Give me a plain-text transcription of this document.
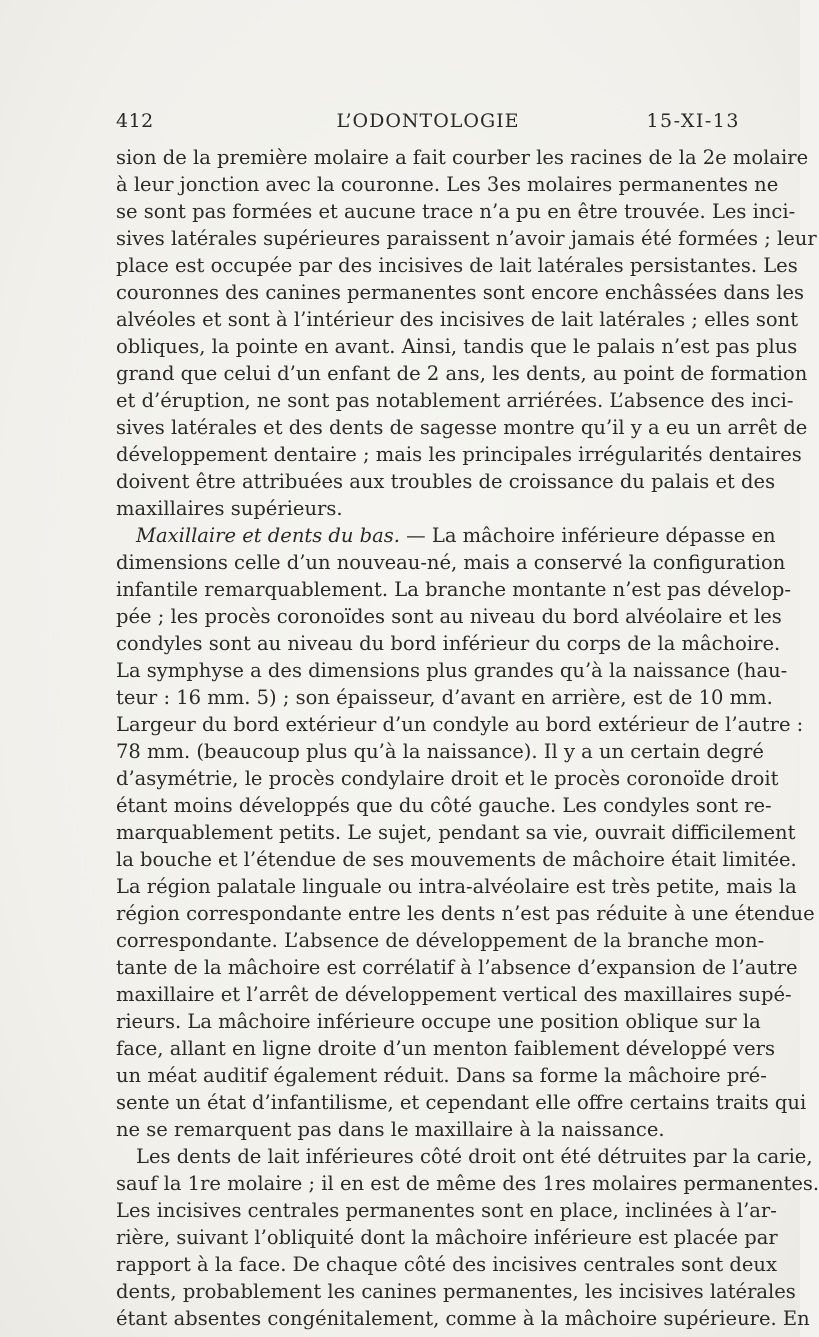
412	L’ODONTOLOGIE	15-XI-13
sion de la première molaire a fait courber les racines de la 2e molaire
à leur jonction avec la couronne. Les 3es molaires permanentes ne
se sont pas formées et aucune trace n’a pu en être trouvée. Les inci-
sives latérales supérieures paraissent n’avoir jamais été formées ; leur
place est occupée par des incisives de lait latérales persistantes. Les
couronnes des canines permanentes sont encore enchâssées dans les
alvéoles et sont à l’intérieur des incisives de lait latérales ; elles sont
obliques, la pointe en avant. Ainsi, tandis que le palais n’est pas plus
grand que celui d’un enfant de 2 ans, les dents, au point de formation
et d’éruption, ne sont pas notablement arriérées. L’absence des inci-
sives latérales et des dents de sagesse montre qu’il y a eu un arrêt de
développement dentaire ; mais les principales irrégularités dentaires
doivent être attribuées aux troubles de croissance du palais et des
maxillaires supérieurs.
Maxillaire et dents du bas. — La mâchoire inférieure dépasse en
dimensions celle d’un nouveau-né, mais a conservé la configuration
infantile remarquablement. La branche montante n’est pas dévelop-
pée ; les procès coronoïdes sont au niveau du bord alvéolaire et les
condyles sont au niveau du bord inférieur du corps de la mâchoire.
La symphyse a des dimensions plus grandes qu’à la naissance (hau-
teur : 16 mm. 5) ; son épaisseur, d’avant en arrière, est de 10 mm.
Largeur du bord extérieur d’un condyle au bord extérieur de l’autre :
78 mm. (beaucoup plus qu’à la naissance). Il y a un certain degré
d’asymétrie, le procès condylaire droit et le procès coronoïde droit
étant moins développés que du côté gauche. Les condyles sont re-
marquablement petits. Le sujet, pendant sa vie, ouvrait difficilement
la bouche et l’étendue de ses mouvements de mâchoire était limitée.
La région palatale linguale ou intra-alvéolaire est très petite, mais la
région correspondante entre les dents n’est pas réduite à une étendue
correspondante. L’absence de développement de la branche mon-
tante de la mâchoire est corrélatif à l’absence d’expansion de l’autre
maxillaire et l’arrêt de développement vertical des maxillaires supé-
rieurs. La mâchoire inférieure occupe une position oblique sur la
face, allant en ligne droite d’un menton faiblement développé vers
un méat auditif également réduit. Dans sa forme la mâchoire pré-
sente un état d’infantilisme, et cependant elle offre certains traits qui
ne se remarquent pas dans le maxillaire à la naissance.
Les dents de lait inférieures côté droit ont été détruites par la carie,
sauf la 1re molaire ; il en est de même des 1res molaires permanentes.
Les incisives centrales permanentes sont en place, inclinées à l’ar-
rière, suivant l’obliquité dont la mâchoire inférieure est placée par
rapport à la face. De chaque côté des incisives centrales sont deux
dents, probablement les canines permanentes, les incisives latérales
étant absentes congénitalement, comme à la mâchoire supérieure. En
